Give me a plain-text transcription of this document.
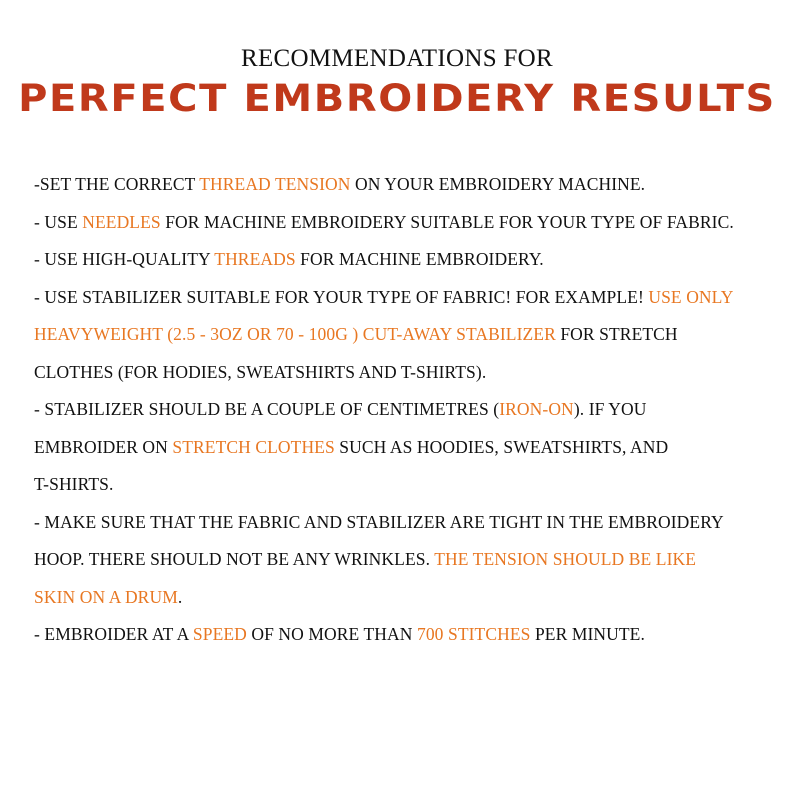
RECOMMENDATIONS FOR
PERFECT EMBROIDERY RESULTS
-SET THE CORRECT THREAD TENSION ON YOUR EMBROIDERY MACHINE.
- USE NEEDLES FOR MACHINE EMBROIDERY SUITABLE FOR YOUR TYPE OF FABRIC.
- USE HIGH-QUALITY THREADS FOR MACHINE EMBROIDERY.
- USE STABILIZER SUITABLE FOR YOUR TYPE OF FABRIC! FOR EXAMPLE! USE ONLY
HEAVYWEIGHT (2.5 - 3OZ OR 70 - 100G ) CUT-AWAY STABILIZER FOR STRETCH
CLOTHES (FOR HODIES, SWEATSHIRTS AND T-SHIRTS).
- STABILIZER SHOULD BE A COUPLE OF CENTIMETRES (IRON-ON). IF YOU
EMBROIDER ON STRETCH CLOTHES SUCH AS HOODIES, SWEATSHIRTS, AND
T-SHIRTS.
- MAKE SURE THAT THE FABRIC AND STABILIZER ARE TIGHT IN THE EMBROIDERY
HOOP. THERE SHOULD NOT BE ANY WRINKLES. THE TENSION SHOULD BE LIKE
SKIN ON A DRUM.
- EMBROIDER AT A SPEED OF NO MORE THAN 700 STITCHES PER MINUTE.
